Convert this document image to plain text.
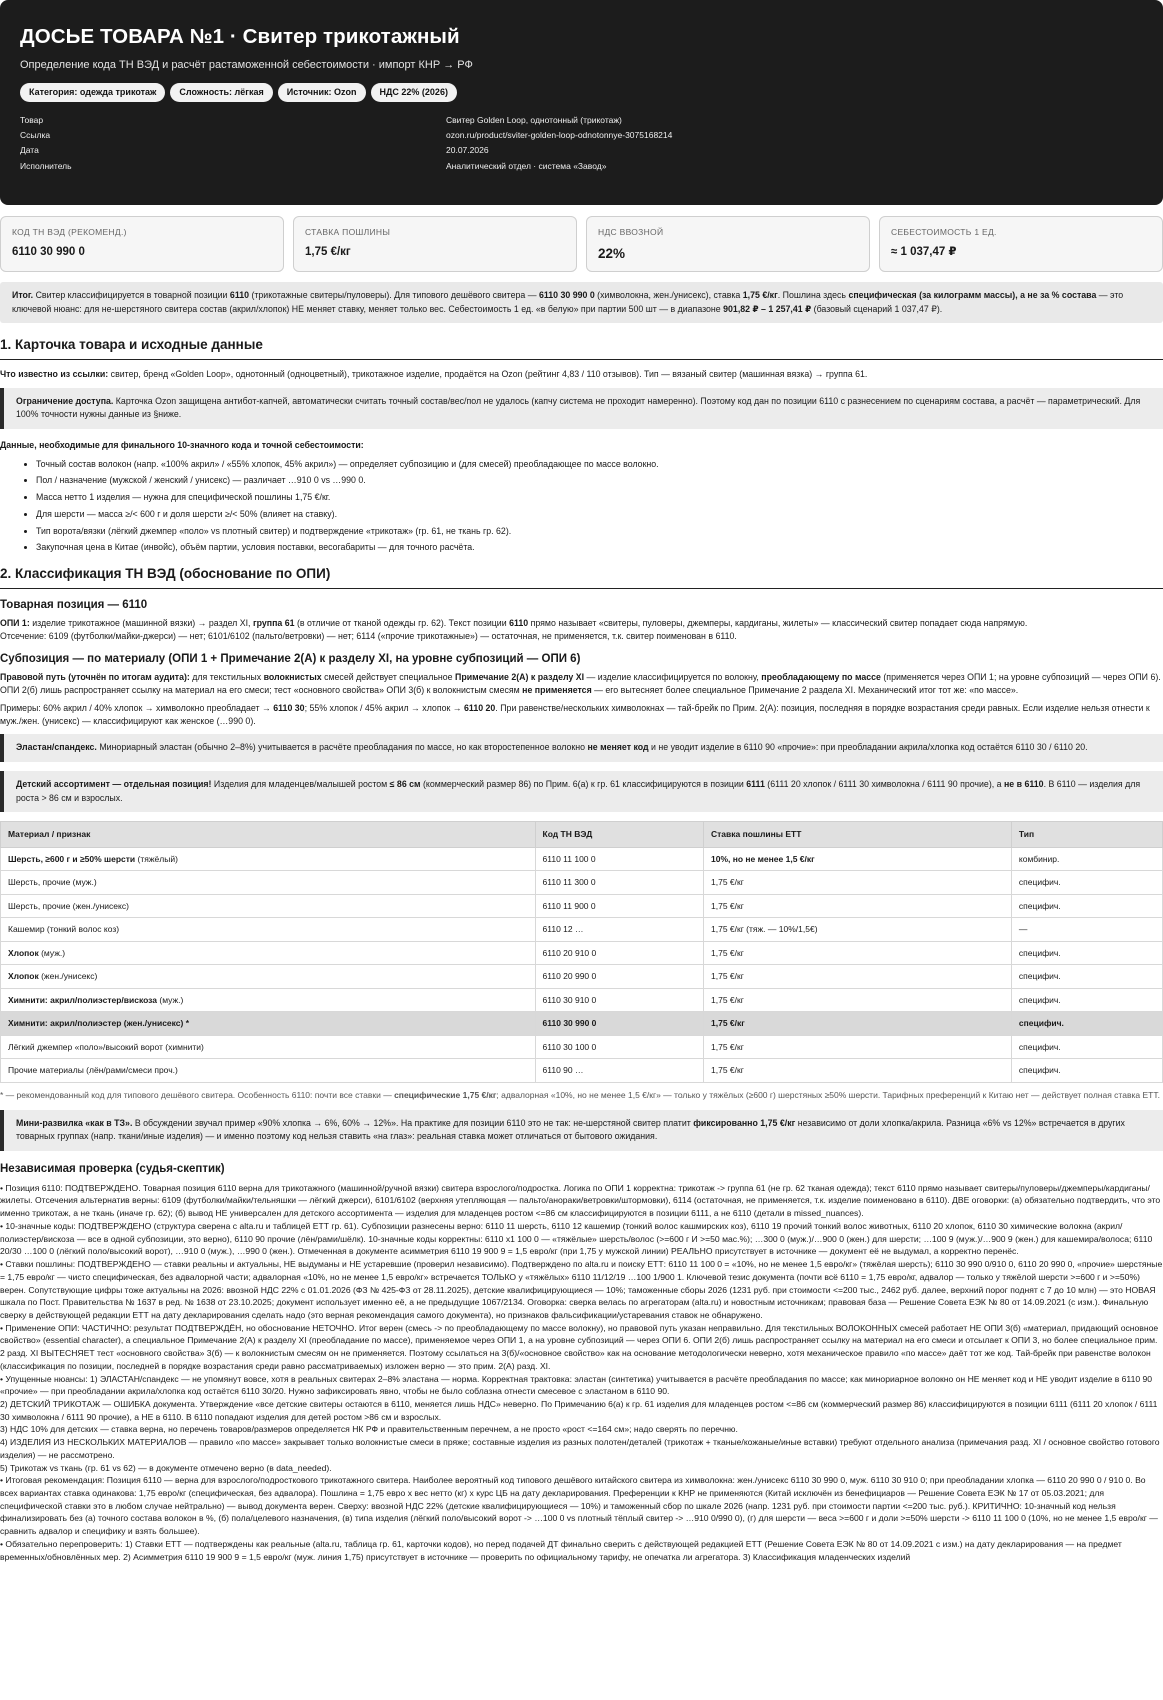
ДОСЬЕ ТОВАРА №1 · Свитер трикотажный
Определение кода ТН ВЭД и расчёт растаможенной себестоимости · импорт КНР → РФ
Категория: одежда трикотаж	Сложность: лёгкая	Источник: Ozon	НДС 22% (2026)
Товар	Свитер Golden Loop, однотонный (трикотаж)
Ссылка	ozon.ru/product/sviter-golden-loop-odnotonnye-3075168214
Дата	20.07.2026
Исполнитель	Аналитический отдел · система «Завод»
КОД ТН ВЭД (РЕКОМЕНД.)
6110 30 990 0
СТАВКА ПОШЛИНЫ
1,75 €/кг
НДС ВВОЗНОЙ
22%
СЕБЕСТОИМОСТЬ 1 ЕД.
≈ 1 037,47 ₽
Итог. Свитер классифицируется в товарной позиции 6110 (трикотажные свитеры/пуловеры). Для типового дешёвого свитера — 6110 30 990 0 (химволокна, жен./унисекс), ставка 1,75 €/кг. Пошлина здесь специфическая (за килограмм массы), а не за % состава — это ключевой нюанс: для не-шерстяного свитера состав (акрил/хлопок) НЕ меняет ставку, меняет только вес. Себестоимость 1 ед. «в белую» при партии 500 шт — в диапазоне 901,82 ₽ – 1 257,41 ₽ (базовый сценарий 1 037,47 ₽).
1. Карточка товара и исходные данные
Что известно из ссылки: свитер, бренд «Golden Loop», однотонный (одноцветный), трикотажное изделие, продаётся на Ozon (рейтинг 4,83 / 110 отзывов). Тип — вязаный свитер (машинная вязка) → группа 61.
Ограничение доступа. Карточка Ozon защищена антибот-капчей, автоматически считать точный состав/вес/пол не удалось (капчу система не проходит намеренно). Поэтому код дан по позиции 6110 с разнесением по сценариям состава, а расчёт — параметрический. Для 100% точности нужны данные из §ниже.
Данные, необходимые для финального 10-значного кода и точной себестоимости:
• Точный состав волокон (напр. «100% акрил» / «55% хлопок, 45% акрил») — определяет субпозицию и (для смесей) преобладающее по массе волокно.
• Пол / назначение (мужской / женский / унисекс) — различает …910 0 vs …990 0.
• Масса нетто 1 изделия — нужна для специфической пошлины 1,75 €/кг.
• Для шерсти — масса ≥/< 600 г и доля шерсти ≥/< 50% (влияет на ставку).
• Тип ворота/вязки (лёгкий джемпер «поло» vs плотный свитер) и подтверждение «трикотаж» (гр. 61, не ткань гр. 62).
• Закупочная цена в Китае (инвойс), объём партии, условия поставки, весогабариты — для точного расчёта.
2. Классификация ТН ВЭД (обоснование по ОПИ)
Товарная позиция — 6110
ОПИ 1: изделие трикотажное (машинной вязки) → раздел XI, группа 61 (в отличие от тканой одежды гр. 62). Текст позиции 6110 прямо называет «свитеры, пуловеры, джемперы, кардиганы, жилеты» — классический свитер попадает сюда напрямую.
Отсечение: 6109 (футболки/майки-джерси) — нет; 6101/6102 (пальто/ветровки) — нет; 6114 («прочие трикотажные») — остаточная, не применяется, т.к. свитер поименован в 6110.
Субпозиция — по материалу (ОПИ 1 + Примечание 2(А) к разделу XI, на уровне субпозиций — ОПИ 6)
Правовой путь (уточнён по итогам аудита): для текстильных волокнистых смесей действует специальное Примечание 2(А) к разделу XI — изделие классифицируется по волокну, преобладающему по массе (применяется через ОПИ 1; на уровне субпозиций — через ОПИ 6). ОПИ 2(б) лишь распространяет ссылку на материал на его смеси; тест «основного свойства» ОПИ 3(б) к волокнистым смесям не применяется — его вытесняет более специальное Примечание 2 раздела XI. Механический итог тот же: «по массе».
Примеры: 60% акрил / 40% хлопок → химволокно преобладает → 6110 30; 55% хлопок / 45% акрил → хлопок → 6110 20. При равенстве/нескольких химволокнах — тай-брейк по Прим. 2(А): позиция, последняя в порядке возрастания среди равных. Если изделие нельзя отнести к муж./жен. (унисекс) — классифицируют как женское (…990 0).
Эластан/спандекс. Минориарный эластан (обычно 2–8%) учитывается в расчёте преобладания по массе, но как второстепенное волокно не меняет код и не уводит изделие в 6110 90 «прочие»: при преобладании акрила/хлопка код остаётся 6110 30 / 6110 20.
Детский ассортимент — отдельная позиция! Изделия для младенцев/малышей ростом ≤ 86 см (коммерческий размер 86) по Прим. 6(а) к гр. 61 классифицируются в позиции 6111 (6111 20 хлопок / 6111 30 химволокна / 6111 90 прочие), а не в 6110. В 6110 — изделия для роста > 86 см и взрослых.
Материал / признак	Код ТН ВЭД	Ставка пошлины ЕТТ	Тип
Шерсть, ≥600 г и ≥50% шерсти (тяжёлый)	6110 11 100 0	10%, но не менее 1,5 €/кг	комбинир.
Шерсть, прочие (муж.)	6110 11 300 0	1,75 €/кг	специфич.
Шерсть, прочие (жен./унисекс)	6110 11 900 0	1,75 €/кг	специфич.
Кашемир (тонкий волос коз)	6110 12 …	1,75 €/кг (тяж. — 10%/1,5€)	—
Хлопок (муж.)	6110 20 910 0	1,75 €/кг	специфич.
Хлопок (жен./унисекс)	6110 20 990 0	1,75 €/кг	специфич.
Химнити: акрил/полиэстер/вискоза (муж.)	6110 30 910 0	1,75 €/кг	специфич.
Химнити: акрил/полиэстер (жен./унисекс) *	6110 30 990 0	1,75 €/кг	специфич.
Лёгкий джемпер «поло»/высокий ворот (химнити)	6110 30 100 0	1,75 €/кг	специфич.
Прочие материалы (лён/рами/смеси проч.)	6110 90 …	1,75 €/кг	специфич.
* — рекомендованный код для типового дешёвого свитера. Особенность 6110: почти все ставки — специфические 1,75 €/кг; адвалорная «10%, но не менее 1,5 €/кг» — только у тяжёлых (≥600 г) шерстяных ≥50% шерсти. Тарифных преференций к Китаю нет — действует полная ставка ЕТТ.
Мини-развилка «как в ТЗ». В обсуждении звучал пример «90% хлопка → 6%, 60% → 12%». На практике для позиции 6110 это не так: не-шерстяной свитер платит фиксированно 1,75 €/кг независимо от доли хлопка/акрила. Разница «6% vs 12%» встречается в других товарных группах (напр. ткани/иные изделия) — и именно поэтому код нельзя ставить «на глаз»: реальная ставка может отличаться от бытового ожидания.
Независимая проверка (судья-скептик)
• Позиция 6110: ПОДТВЕРЖДЕНО. Товарная позиция 6110 верна для трикотажного (машинной/ручной вязки) свитера взрослого/подростка. Логика по ОПИ 1 корректна: трикотаж -> группа 61 (не гр. 62 тканая одежда); текст 6110 прямо называет свитеры/пуловеры/джемперы/кардиганы/жилеты. Отсечения альтернатив верны: 6109 (футболки/майки/тельняшки — лёгкий джерси), 6101/6102 (верхняя утепляющая — пальто/анораки/ветровки/штормовки), 6114 (остаточная, не применяется, т.к. изделие поименовано в 6110). ДВЕ оговорки: (а) обязательно подтвердить, что это именно трикотаж, а не ткань (иначе гр. 62); (б) вывод НЕ универсален для детского ассортимента — изделия для младенцев ростом <=86 см классифицируются в позиции 6111, а не 6110 (детали в missed_nuances).
• 10-значные коды: ПОДТВЕРЖДЕНО (структура сверена с alta.ru и таблицей ЕТТ гр. 61). Субпозиции разнесены верно: 6110 11 шерсть, 6110 12 кашемир (тонкий волос кашмирских коз), 6110 19 прочий тонкий волос животных, 6110 20 хлопок, 6110 30 химические волокна (акрил/полиэстер/вискоза — все в одной субпозиции, это верно), 6110 90 прочие (лён/рами/шёлк). 10-значные коды корректны: 6110 х1 100 0 — «тяжёлые» шерсть/волос (>=600 г И >=50 мас.%); …300 0 (муж.)/…900 0 (жен.) для шерсти; …100 9 (муж.)/…900 9 (жен.) для кашемира/волоса; 6110 20/30 …100 0 (лёгкий поло/высокий ворот), …910 0 (муж.), …990 0 (жен.). Отмеченная в документе асимметрия 6110 19 900 9 = 1,5 евро/кг (при 1,75 у мужской линии) РЕАЛЬНО присутствует в источнике — документ её не выдумал, а корректно перенёс.
• Ставки пошлины: ПОДТВЕРЖДЕНО — ставки реальны и актуальны, НЕ выдуманы и НЕ устаревшие (проверил независимо). Подтверждено по alta.ru и поиску ЕТТ: 6110 11 100 0 = «10%, но не менее 1,5 евро/кг» (тяжёлая шерсть); 6110 30 990 0/910 0, 6110 20 990 0, «прочие» шерстяные = 1,75 евро/кг — чисто специфическая, без адвалорной части; адвалорная «10%, но не менее 1,5 евро/кг» встречается ТОЛЬКО у «тяжёлых» 6110 11/12/19 …100 1/900 1. Ключевой тезис документа (почти всё 6110 = 1,75 евро/кг, адвалор — только у тяжёлой шерсти >=600 г и >=50%) верен. Сопутствующие цифры тоже актуальны на 2026: ввозной НДС 22% с 01.01.2026 (ФЗ № 425-ФЗ от 28.11.2025), детские квалифицирующиеся — 10%; таможенные сборы 2026 (1231 руб. при стоимости <=200 тыс., 2462 руб. далее, верхний порог поднят с 7 до 10 млн) — это НОВАЯ шкала по Пост. Правительства № 1637 в ред. № 1638 от 23.10.2025; документ использует именно её, а не предыдущие 1067/2134. Оговорка: сверка велась по агрегаторам (alta.ru) и новостным источникам; правовая база — Решение Совета ЕЭК № 80 от 14.09.2021 (с изм.). Финальную сверку в действующей редакции ЕТТ на дату декларирования сделать надо (это верная рекомендация самого документа), но признаков фальсификации/устаревания ставок не обнаружено.
• Применение ОПИ: ЧАСТИЧНО: результат ПОДТВЕРЖДЁН, но обоснование НЕТОЧНО. Итог верен (смесь -> по преобладающему по массе волокну), но правовой путь указан неправильно. Для текстильных ВОЛОКОННЫХ смесей работает НЕ ОПИ 3(б) «материал, придающий основное свойство» (essential character), а специальное Примечание 2(А) к разделу XI (преобладание по массе), применяемое через ОПИ 1, а на уровне субпозиций — через ОПИ 6. ОПИ 2(б) лишь распространяет ссылку на материал на его смеси и отсылает к ОПИ 3, но более специальное прим. 2 разд. XI ВЫТЕСНЯЕТ тест «основного свойства» 3(б) — к волокнистым смесям он не применяется. Поэтому ссылаться на 3(б)/«основное свойство» как на основание методологически неверно, хотя механическое правило «по массе» даёт тот же код. Тай-брейк при равенстве волокон (классификация по позиции, последней в порядке возрастания среди равно рассматриваемых) изложен верно — это прим. 2(А) разд. XI.
• Упущенные нюансы: 1) ЭЛАСТАН/спандекс — не упомянут вовсе, хотя в реальных свитерах 2–8% эластана — норма. Корректная трактовка: эластан (синтетика) учитывается в расчёте преобладания по массе; как минориарное волокно он НЕ меняет код и НЕ уводит изделие в 6110 90 «прочие» — при преобладании акрила/хлопка код остаётся 6110 30/20. Нужно зафиксировать явно, чтобы не было соблазна отнести смесевое с эластаном в 6110 90.
2) ДЕТСКИЙ ТРИКОТАЖ — ОШИБКА документа. Утверждение «все детские свитеры остаются в 6110, меняется лишь НДС» неверно. По Примечанию 6(а) к гр. 61 изделия для младенцев ростом <=86 см (коммерческий размер 86) классифицируются в позиции 6111 (6111 20 хлопок / 6111 30 химволокна / 6111 90 прочие), а НЕ в 6110. В 6110 попадают изделия для детей ростом >86 см и взрослых.
3) НДС 10% для детских — ставка верна, но перечень товаров/размеров определяется НК РФ и правительственным перечнем, а не просто «рост <=164 см»; надо сверять по перечню.
4) ИЗДЕЛИЯ ИЗ НЕСКОЛЬКИХ МАТЕРИАЛОВ — правило «по массе» закрывает только волокнистые смеси в пряже; составные изделия из разных полотен/деталей (трикотаж + тканые/кожаные/иные вставки) требуют отдельного анализа (примечания разд. XI / основное свойство готового изделия) — не рассмотрено.
5) Трикотаж vs ткань (гр. 61 vs 62) — в документе отмечено верно (в data_needed).
• Итоговая рекомендация: Позиция 6110 — верна для взрослого/подросткового трикотажного свитера. Наиболее вероятный код типового дешёвого китайского свитера из химволокна: жен./унисекс 6110 30 990 0, муж. 6110 30 910 0; при преобладании хлопка — 6110 20 990 0 / 910 0. Во всех вариантах ставка одинакова: 1,75 евро/кг (специфическая, без адвалора). Пошлина = 1,75 евро x вес нетто (кг) x курс ЦБ на дату декларирования. Преференции к КНР не применяются (Китай исключён из бенефициаров — Решение Совета ЕЭК № 17 от 05.03.2021; для специфической ставки это в любом случае нейтрально) — вывод документа верен. Сверху: ввозной НДС 22% (детские квалифицирующиеся — 10%) и таможенный сбор по шкале 2026 (напр. 1231 руб. при стоимости партии <=200 тыс. руб.). КРИТИЧНО: 10-значный код нельзя финализировать без (а) точного состава волокон в %, (б) пола/целевого назначения, (в) типа изделия (лёгкий поло/высокий ворот -> …100 0 vs плотный тёплый свитер -> …910 0/990 0), (г) для шерсти — веса >=600 г и доли >=50% шерсти -> 6110 11 100 0 (10%, но не менее 1,5 евро/кг — сравнить адвалор и специфику и взять большее).
• Обязательно перепроверить: 1) Ставки ЕТТ — подтверждены как реальные (alta.ru, таблица гр. 61, карточки кодов), но перед подачей ДТ финально сверить с действующей редакцией ЕТТ (Решение Совета ЕЭК № 80 от 14.09.2021 с изм.) на дату декларирования — на предмет временных/обновлённых мер. 2) Асимметрия 6110 19 900 9 = 1,5 евро/кг (муж. линия 1,75) присутствует в источнике — проверить по официальному тарифу, не опечатка ли агрегатора. 3) Классификация младенческих изделий
